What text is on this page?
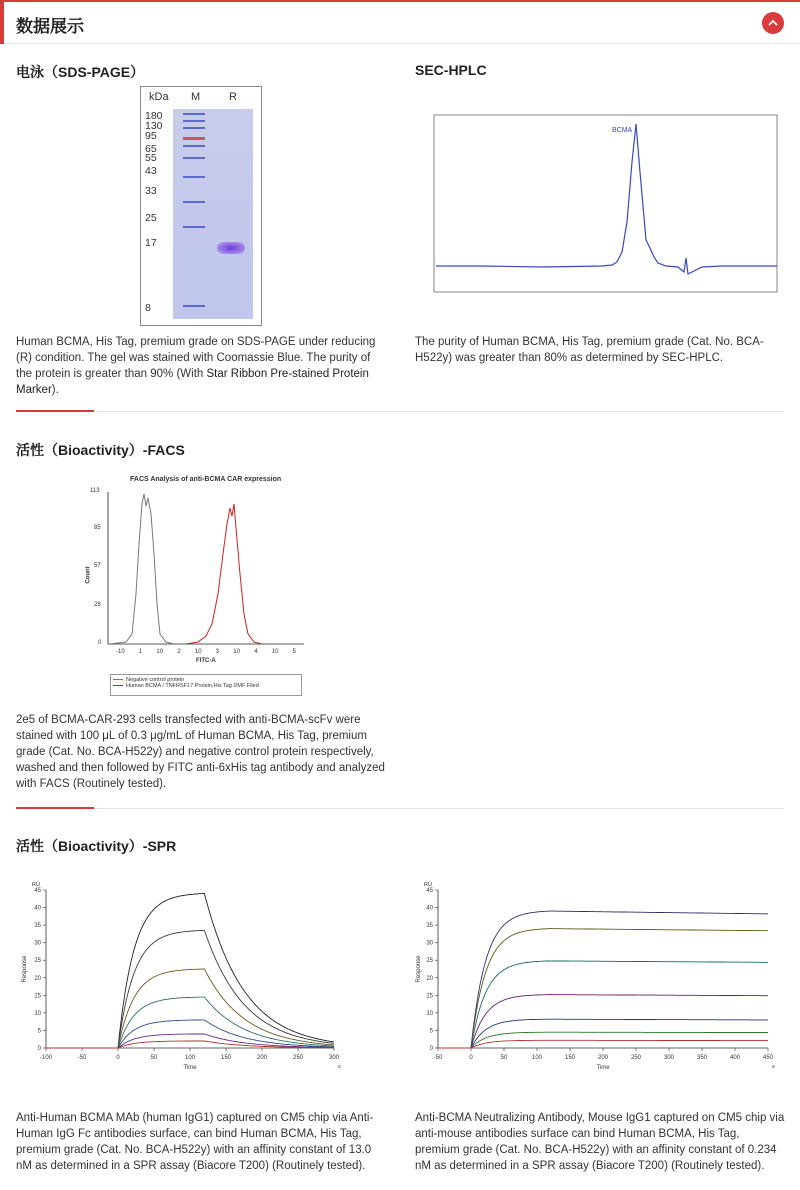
数据展示
电泳（SDS-PAGE）
kDa M	R
180
130
95
65
55
43
33
25
17
8
Human BCMA, His Tag, premium grade on SDS-PAGE under reducing (R) condition. The gel was stained with Coomassie Blue. The purity of the protein is greater than 90% (With Star Ribbon Pre-stained Protein Marker).
SEC-HPLC
BCMA
The purity of Human BCMA, His Tag, premium grade (Cat. No. BCA-H522y) was greater than 80% as determined by SEC-HPLC.
活性（Bioactivity）-FACS
FACS Analysis of anti-BCMA CAR expression
113
85
57
28
0
Count
-10 1 10 2 10 3 10 4 10 5
FITC-A
Negative control protein
Human BCMA / TNFRSF17 Protein,His Tag DMF Filed
2e5 of BCMA-CAR-293 cells transfected with anti-BCMA-scFv were stained with 100 μL of 0.3 μg/mL of Human BCMA, His Tag, premium grade (Cat. No. BCA-H522y) and negative control protein respectively, washed and then followed by FITC anti-6xHis tag antibody and analyzed with FACS (Routinely tested).
活性（Bioactivity）-SPR
0
5
10
15
20
25
30
35
40
45
-100	-50	0	50	100	150	200	250	300
RU
s
Time
Response
0
5
10
15
20
25
30
35
40
45
-50	0	50	100	150	200	250	300	350	400	450
RU
s
Time
Response
Anti-Human BCMA MAb (human IgG1) captured on CM5 chip via Anti-Human IgG Fc antibodies surface, can bind Human BCMA, His Tag, premium grade (Cat. No. BCA-H522y) with an affinity constant of 13.0 nM as determined in a SPR assay (Biacore T200) (Routinely tested).
Anti-BCMA Neutralizing Antibody, Mouse IgG1 captured on CM5 chip via anti-mouse antibodies surface can bind Human BCMA, His Tag, premium grade (Cat. No. BCA-H522y) with an affinity constant of 0.234 nM as determined in a SPR assay (Biacore T200) (Routinely tested).
